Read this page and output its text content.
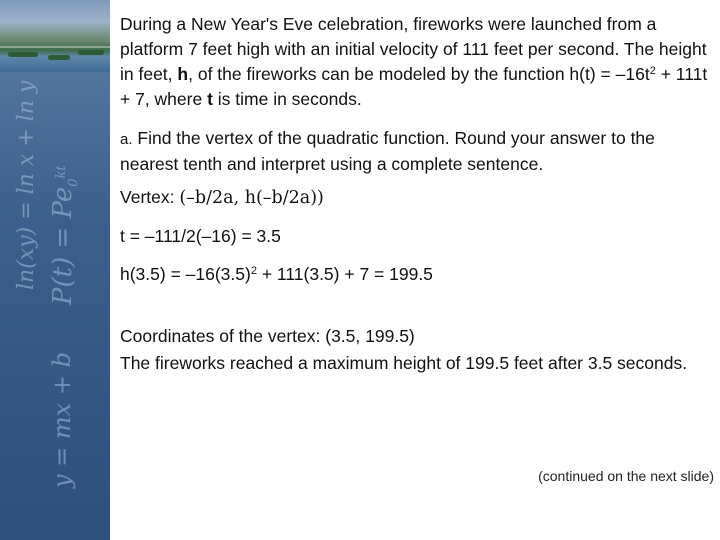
ln(xy) = ln x + ln y $P(t) = Pe_0^{kt}$
y = mx + b

During a New Year's Eve celebration, fireworks were launched from a platform 7 feet high with an initial velocity of 111 feet per second. The height in feet, h, of the fireworks can be modeled by the function $h(t) = -16t^2 + 111t + 7$, where t is time in seconds.

a. Find the vertex of the quadratic function. Round your answer to the nearest tenth and interpret using a complete sentence.

Vertex: (–b/2a, h(–b/2a))

t = –111/2(–16) = 3.5

$h(3.5) = -16(3.5)^2 + 111(3.5) + 7 = 199.5$

Coordinates of the vertex: (3.5, 199.5)

The fireworks reached a maximum height of 199.5 feet after 3.5 seconds.

(continued on the next slide)
